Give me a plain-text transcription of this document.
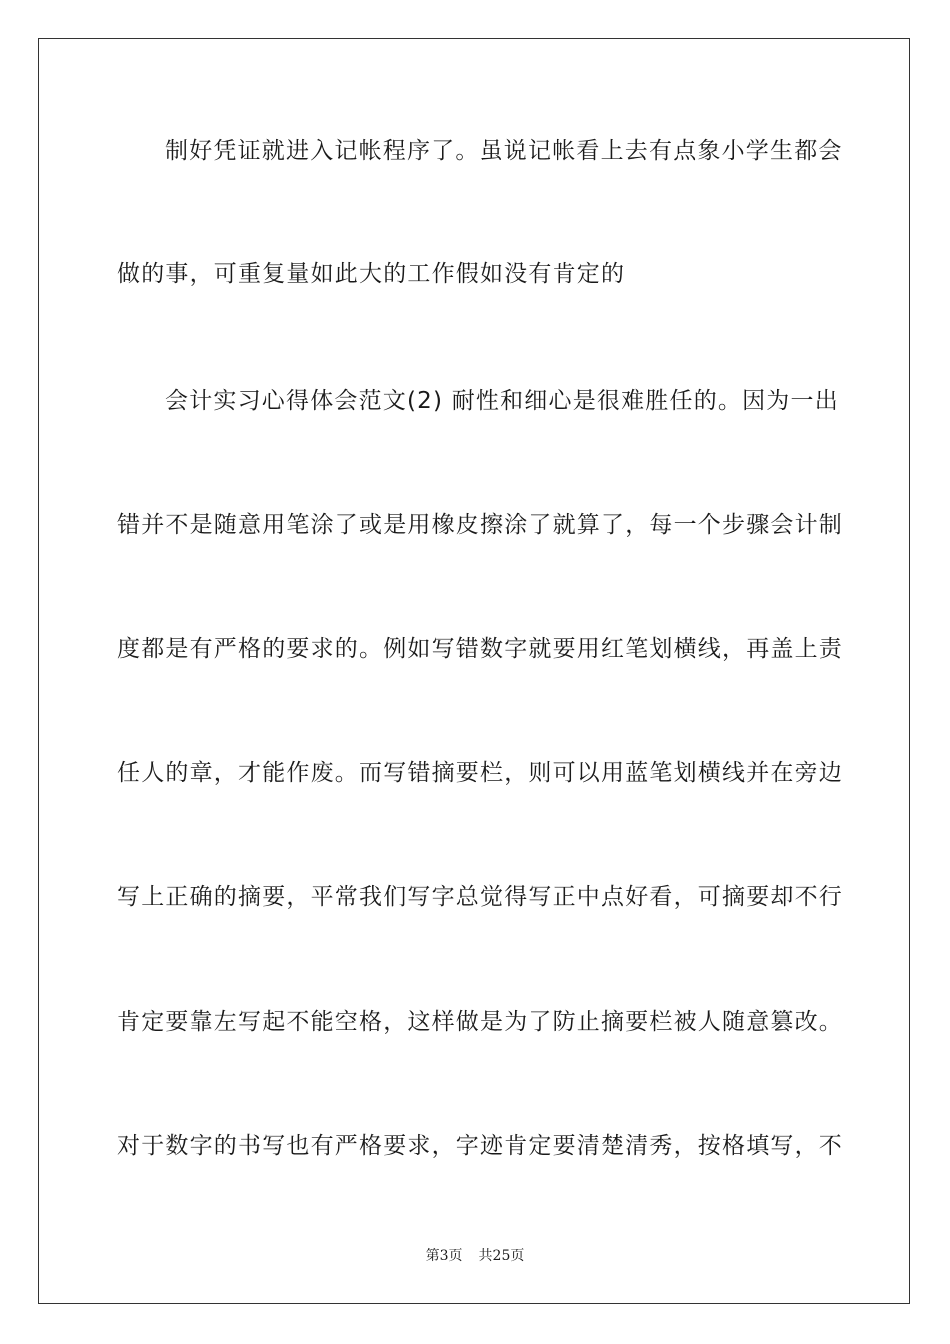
制好凭证就进入记帐程序了。虽说记帐看上去有点象小学生都会
做的事，可重复量如此大的工作假如没有肯定的
会计实习心得体会范文(2) 耐性和细心是很难胜任的。因为一出
错并不是随意用笔涂了或是用橡皮擦涂了就算了，每一个步骤会计制
度都是有严格的要求的。例如写错数字就要用红笔划横线，再盖上责
任人的章，才能作废。而写错摘要栏，则可以用蓝笔划横线并在旁边
写上正确的摘要，平常我们写字总觉得写正中点好看，可摘要却不行
肯定要靠左写起不能空格，这样做是为了防止摘要栏被人随意篡改。
对于数字的书写也有严格要求，字迹肯定要清楚清秀，按格填写，不
第3页 共25页
